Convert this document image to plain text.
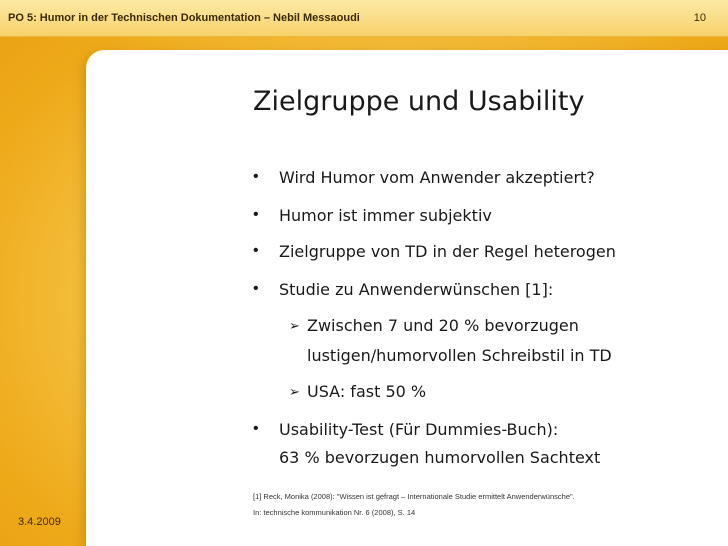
PO 5: Humor in der Technischen Dokumentation – Nebil Messaoudi	10
Zielgruppe und Usability
• Wird Humor vom Anwender akzeptiert?
• Humor ist immer subjektiv
• Zielgruppe von TD in der Regel heterogen
• Studie zu Anwenderwünschen [1]:
➢ Zwischen 7 und 20 % bevorzugen
lustigen/humorvollen Schreibstil in TD
➢ USA: fast 50 %
• Usability-Test (Für Dummies-Buch):
63 % bevorzugen humorvollen Sachtext
[1] Reck, Monika (2008): "Wissen ist gefragt – Internationale Studie ermittelt Anwenderwünsche".
In: technische kommunikation Nr. 6 (2008), S. 14
3.4.2009
